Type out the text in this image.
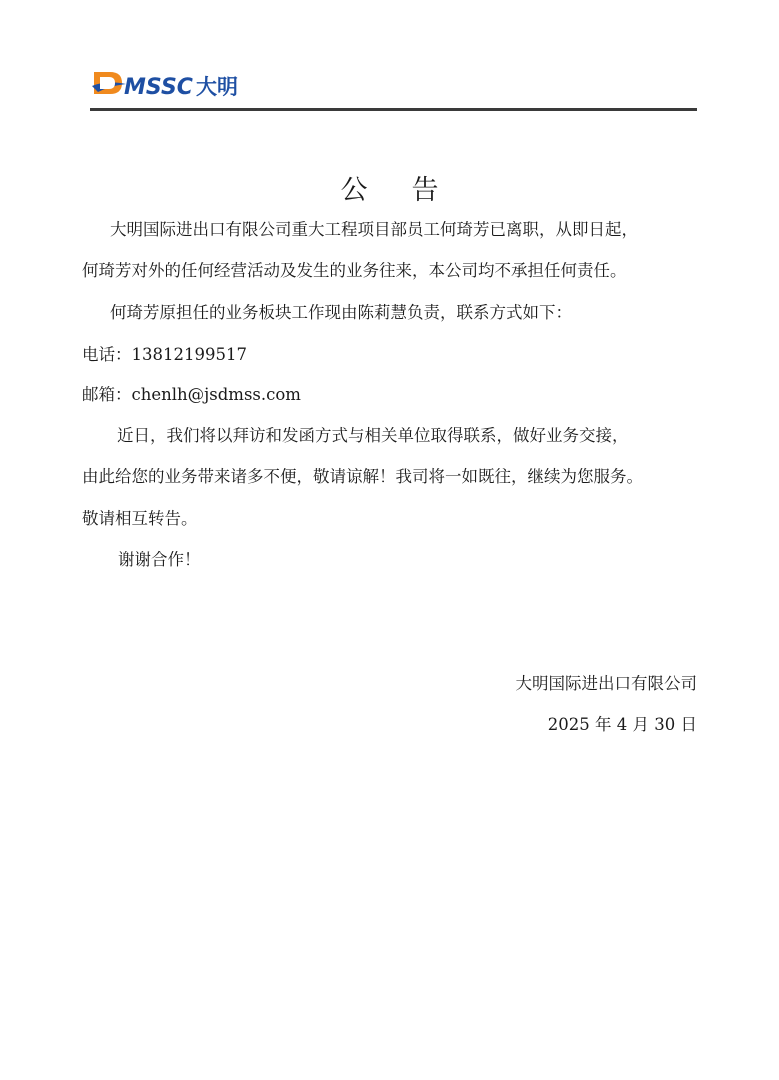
MSSC 大明
公告
大明国际进出口有限公司重大工程项目部员工何琦芳已离职，从即日起，
何琦芳对外的任何经营活动及发生的业务往来，本公司均不承担任何责任。
何琦芳原担任的业务板块工作现由陈莉慧负责，联系方式如下：
电话：13812199517
邮箱：chenlh@jsdmss.com
近日，我们将以拜访和发函方式与相关单位取得联系，做好业务交接，
由此给您的业务带来诸多不便，敬请谅解！我司将一如既往，继续为您服务。
敬请相互转告。
谢谢合作！
大明国际进出口有限公司
2025 年 4 月 30 日
